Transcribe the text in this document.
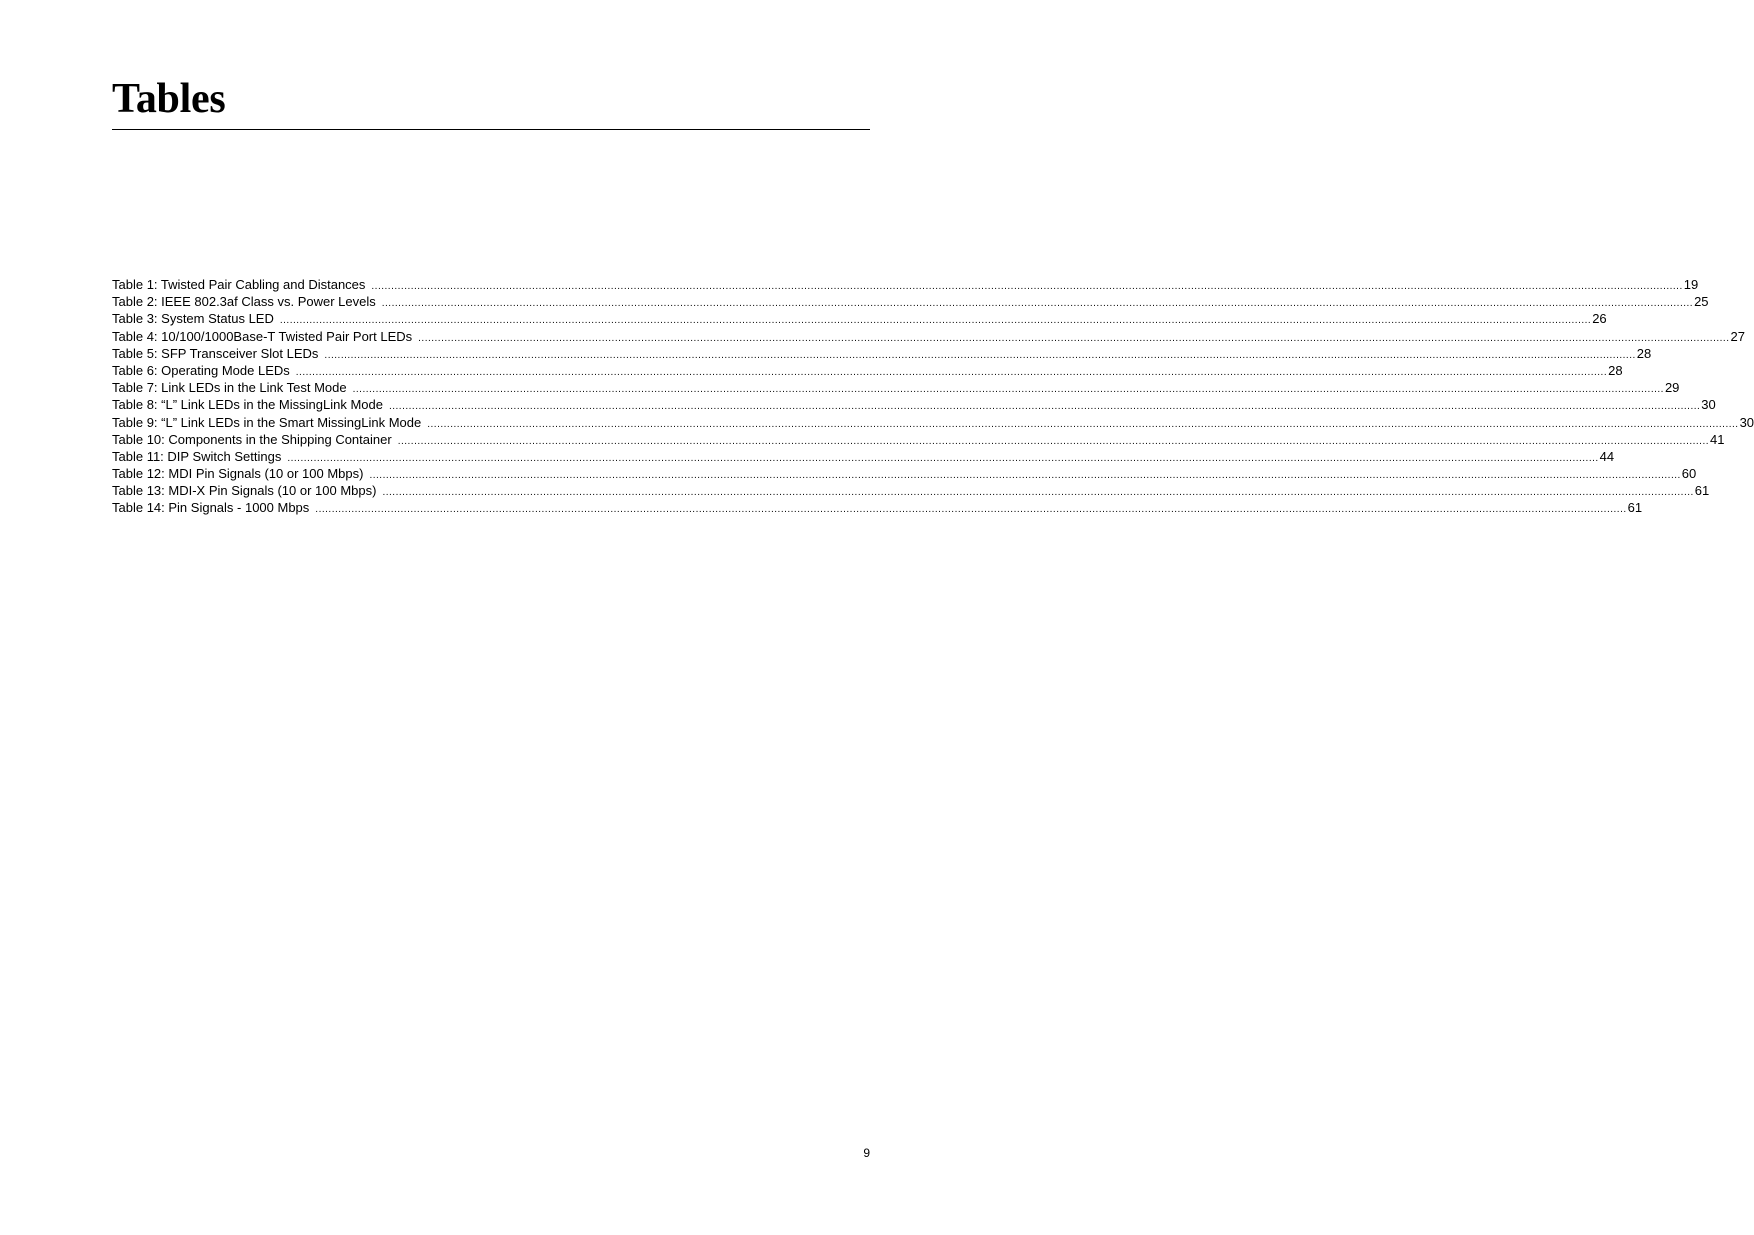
Tables
Table 1: Twisted Pair Cabling and Distances ................................................................................................................................................................................................................................................................................................................................................................................................................ 19
Table 2: IEEE 802.3af Class vs. Power Levels ................................................................................................................................................................................................................................................................................................................................................................................................................ 25
Table 3: System Status LED ................................................................................................................................................................................................................................................................................................................................................................................................................ 26
Table 4: 10/100/1000Base-T Twisted Pair Port LEDs ................................................................................................................................................................................................................................................................................................................................................................................................................ 27
Table 5: SFP Transceiver Slot LEDs ................................................................................................................................................................................................................................................................................................................................................................................................................ 28
Table 6: Operating Mode LEDs ................................................................................................................................................................................................................................................................................................................................................................................................................ 28
Table 7: Link LEDs in the Link Test Mode ................................................................................................................................................................................................................................................................................................................................................................................................................ 29
Table 8: “L” Link LEDs in the MissingLink Mode ................................................................................................................................................................................................................................................................................................................................................................................................................ 30
Table 9: “L” Link LEDs in the Smart MissingLink Mode ................................................................................................................................................................................................................................................................................................................................................................................................................ 30
Table 10: Components in the Shipping Container ................................................................................................................................................................................................................................................................................................................................................................................................................ 41
Table 11: DIP Switch Settings ................................................................................................................................................................................................................................................................................................................................................................................................................ 44
Table 12: MDI Pin Signals (10 or 100 Mbps) ................................................................................................................................................................................................................................................................................................................................................................................................................ 60
Table 13: MDI-X Pin Signals (10 or 100 Mbps) ................................................................................................................................................................................................................................................................................................................................................................................................................ 61
Table 14: Pin Signals - 1000 Mbps ................................................................................................................................................................................................................................................................................................................................................................................................................ 61
9
